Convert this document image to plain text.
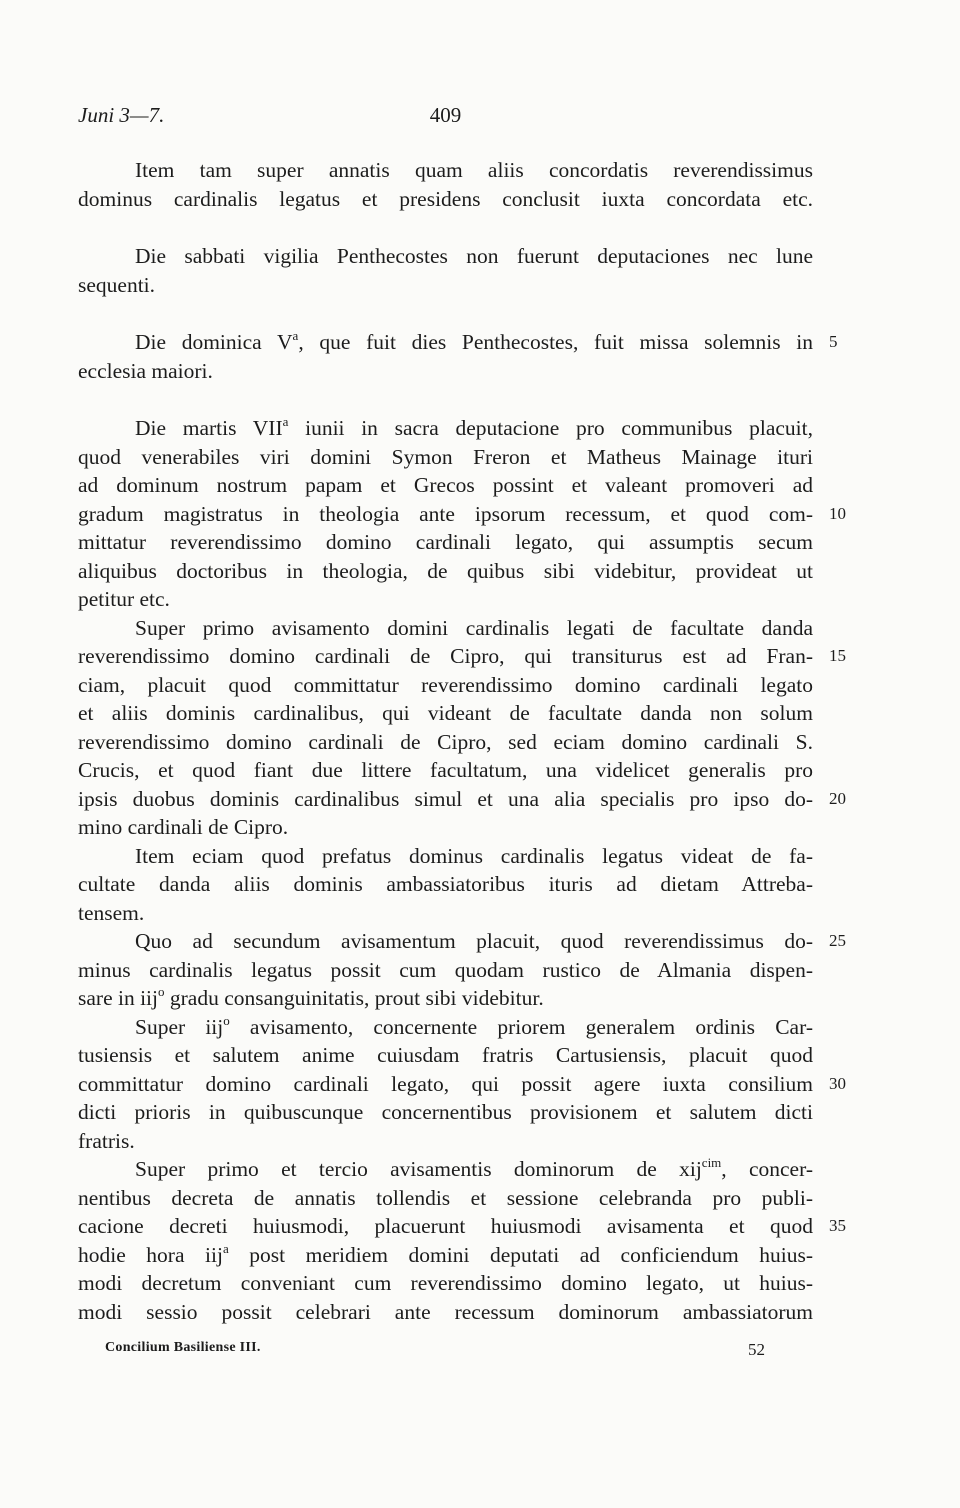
Juni 3—7.	409
Item tam super annatis quam aliis concordatis reverendissimus
dominus cardinalis legatus et presidens conclusit iuxta concordata etc.
Die sabbati vigilia Penthecostes non fuerunt deputaciones nec lune
sequenti.
Die dominica $V^a$, que fuit dies Penthecostes, fuit missa solemnis in 5
ecclesia maiori.
Die martis VII$^a$ iunii in sacra deputacione pro communibus placuit,
quod venerabiles viri domini Symon Freron et Matheus Mainage ituri
ad dominum nostrum papam et Grecos possint et valeant promoveri ad
gradum magistratus in theologia ante ipsorum recessum, et quod com- 10
mittatur reverendissimo domino cardinali legato, qui assumptis secum
aliquibus doctoribus in theologia, de quibus sibi videbitur, provideat ut
petitur etc.
Super primo avisamento domini cardinalis legati de facultate danda
reverendissimo domino cardinali de Cipro, qui transiturus est ad Fran- 15
ciam, placuit quod committatur reverendissimo domino cardinali legato
et aliis dominis cardinalibus, qui videant de facultate danda non solum
reverendissimo domino cardinali de Cipro, sed eciam domino cardinali S.
Crucis, et quod fiant due littere facultatum, una videlicet generalis pro
ipsis duobus dominis cardinalibus simul et una alia specialis pro ipso do- 20
mino cardinali de Cipro.
Item eciam quod prefatus dominus cardinalis legatus videat de fa-
cultate danda aliis dominis ambassiatoribus ituris ad dietam Attreba-
tensem.
Quo ad secundum avisamentum placuit, quod reverendissimus do- 25
minus cardinalis legatus possit cum quodam rustico de Almania dispen-
sare in iij$^o$ gradu consanguinitatis, prout sibi videbitur.
Super iij$^o$ avisamento, concernente priorem generalem ordinis Car-
tusiensis et salutem anime cuiusdam fratris Cartusiensis, placuit quod
committatur domino cardinali legato, qui possit agere iuxta consilium 30
dicti prioris in quibuscunque concernentibus provisionem et salutem dicti
fratris.
Super primo et tercio avisamentis dominorum de xij$^{cim}$, concer-
nentibus decreta de annatis tollendis et sessione celebranda pro publi-
cacione decreti huiusmodi, placuerunt huiusmodi avisamenta et quod 35
hodie hora iij$^a$ post meridiem domini deputati ad conficiendum huius-
modi decretum conveniant cum reverendissimo domino legato, ut huius-
modi sessio possit celebrari ante recessum dominorum ambassiatorum
Concilium Basiliense III.	52
